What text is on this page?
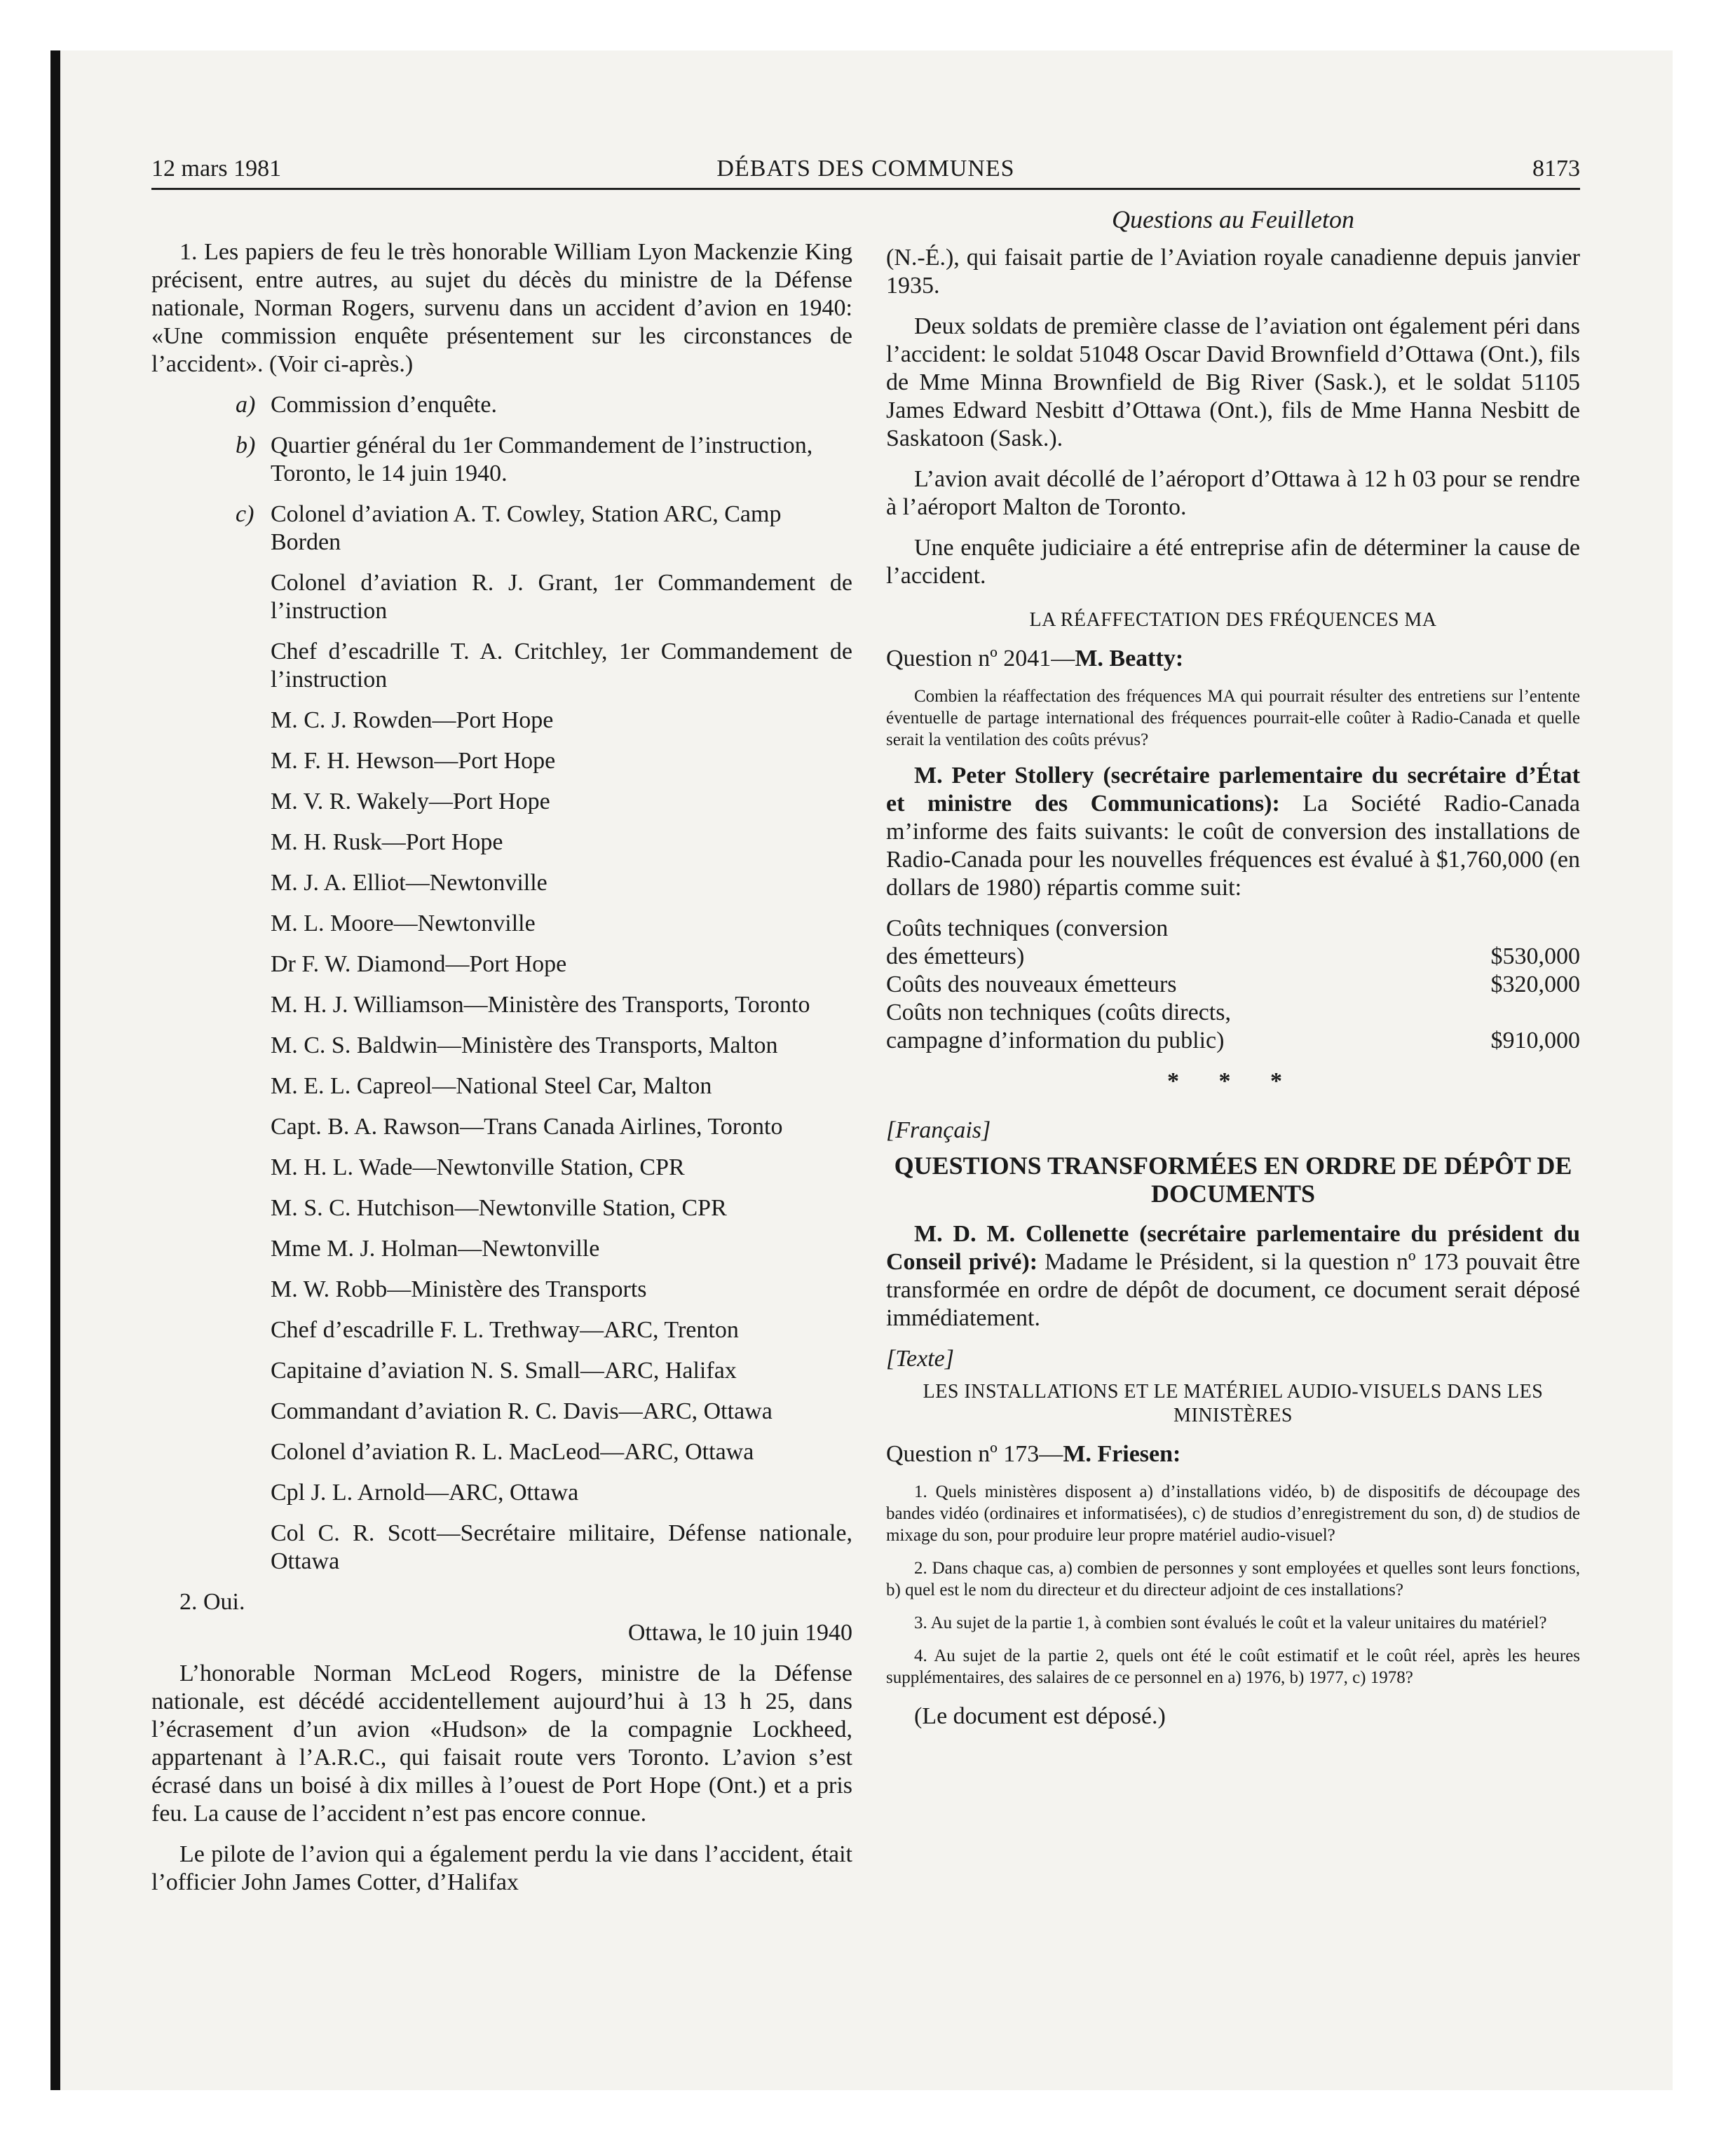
12 mars 1981	DÉBATS DES COMMUNES	8173
Questions au Feuilleton

1. Les papiers de feu le très honorable William Lyon Mackenzie King précisent, entre autres, au sujet du décès du ministre de la Défense nationale, Norman Rogers, survenu dans un accident d’avion en 1940: «Une commission enquête présentement sur les circonstances de l’accident». (Voir ci-après.)

a) Commission d’enquête.
b) Quartier général du 1er Commandement de l’instruction, Toronto, le 14 juin 1940.
c) Colonel d’aviation A. T. Cowley, Station ARC, Camp Borden
Colonel d’aviation R. J. Grant, 1er Commandement de l’instruction
Chef d’escadrille T. A. Critchley, 1er Commandement de l’instruction
M. C. J. Rowden—Port Hope
M. F. H. Hewson—Port Hope
M. V. R. Wakely—Port Hope
M. H. Rusk—Port Hope
M. J. A. Elliot—Newtonville
M. L. Moore—Newtonville
Dr F. W. Diamond—Port Hope
M. H. J. Williamson—Ministère des Transports, Toronto
M. C. S. Baldwin—Ministère des Transports, Malton
M. E. L. Capreol—National Steel Car, Malton
Capt. B. A. Rawson—Trans Canada Airlines, Toronto
M. H. L. Wade—Newtonville Station, CPR
M. S. C. Hutchison—Newtonville Station, CPR
Mme M. J. Holman—Newtonville
M. W. Robb—Ministère des Transports
Chef d’escadrille F. L. Trethway—ARC, Trenton
Capitaine d’aviation N. S. Small—ARC, Halifax
Commandant d’aviation R. C. Davis—ARC, Ottawa
Colonel d’aviation R. L. MacLeod—ARC, Ottawa
Cpl J. L. Arnold—ARC, Ottawa
Col C. R. Scott—Secrétaire militaire, Défense nationale, Ottawa

2. Oui.

Ottawa, le 10 juin 1940

L’honorable Norman McLeod Rogers, ministre de la Défense nationale, est décédé accidentellement aujourd’hui à 13 h 25, dans l’écrasement d’un avion «Hudson» de la compagnie Lockheed, appartenant à l’A.R.C., qui faisait route vers Toronto. L’avion s’est écrasé dans un boisé à dix milles à l’ouest de Port Hope (Ont.) et a pris feu. La cause de l’accident n’est pas encore connue.

Le pilote de l’avion qui a également perdu la vie dans l’accident, était l’officier John James Cotter, d’Halifax

(N.-É.), qui faisait partie de l’Aviation royale canadienne depuis janvier 1935.

Deux soldats de première classe de l’aviation ont également péri dans l’accident: le soldat 51048 Oscar David Brownfield d’Ottawa (Ont.), fils de Mme Minna Brownfield de Big River (Sask.), et le soldat 51105 James Edward Nesbitt d’Ottawa (Ont.), fils de Mme Hanna Nesbitt de Saskatoon (Sask.).

L’avion avait décollé de l’aéroport d’Ottawa à 12 h 03 pour se rendre à l’aéroport Malton de Toronto.

Une enquête judiciaire a été entreprise afin de déterminer la cause de l’accident.

LA RÉAFFECTATION DES FRÉQUENCES MA

Question nº 2041—M. Beatty:

Combien la réaffectation des fréquences MA qui pourrait résulter des entretiens sur l’entente éventuelle de partage international des fréquences pourrait-elle coûter à Radio-Canada et quelle serait la ventilation des coûts prévus?

M. Peter Stollery (secrétaire parlementaire du secrétaire d’État et ministre des Communications): La Société Radio-Canada m’informe des faits suivants: le coût de conversion des installations de Radio-Canada pour les nouvelles fréquences est évalué à $1,760,000 (en dollars de 1980) répartis comme suit:

Coûts techniques (conversion
des émetteurs)	$530,000
Coûts des nouveaux émetteurs	$320,000
Coûts non techniques (coûts directs,
campagne d’information du public)	$910,000
* * *
[Français]
QUESTIONS TRANSFORMÉES EN ORDRE DE DÉPÔT DE DOCUMENTS

M. D. M. Collenette (secrétaire parlementaire du président du Conseil privé): Madame le Président, si la question nº 173 pouvait être transformée en ordre de dépôt de document, ce document serait déposé immédiatement.

[Texte]
LES INSTALLATIONS ET LE MATÉRIEL AUDIO-VISUELS DANS LES MINISTÈRES

Question nº 173—M. Friesen:

1. Quels ministères disposent a) d’installations vidéo, b) de dispositifs de découpage des bandes vidéo (ordinaires et informatisées), c) de studios d’enregistrement du son, d) de studios de mixage du son, pour produire leur propre matériel audio-visuel?

2. Dans chaque cas, a) combien de personnes y sont employées et quelles sont leurs fonctions, b) quel est le nom du directeur et du directeur adjoint de ces installations?

3. Au sujet de la partie 1, à combien sont évalués le coût et la valeur unitaires du matériel?

4. Au sujet de la partie 2, quels ont été le coût estimatif et le coût réel, après les heures supplémentaires, des salaires de ce personnel en a) 1976, b) 1977, c) 1978?

(Le document est déposé.)
